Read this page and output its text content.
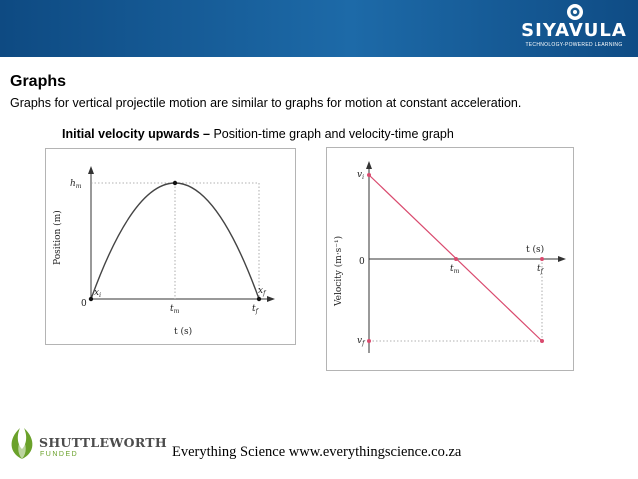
SIYAVULA
TECHNOLOGY-POWERED LEARNING
Graphs

Graphs for vertical projectile motion are similar to graphs for motion at constant acceleration.

Initial velocity upwards – Position-time graph and velocity-time graph

$h_m$
0
$x_i$	$x_f$
$t_m$	$t_f$
t (s)
Position (m)
$v_i$
$v_f$
0
$t_m$	$t_f$
t (s)
Velocity (m·s⁻¹)
SHUTTLEWORTH
FUNDED	Everything Science www.everythingscience.co.za
